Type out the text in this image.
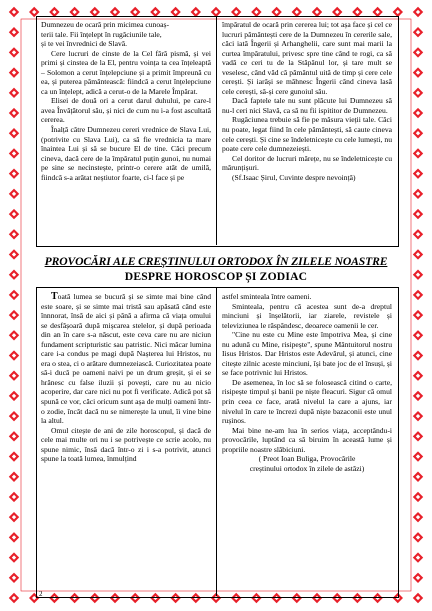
Dumnezeu de ocară prin micimea cunoaș-

terii tale. Fii înțelept în rugăciunile tale,

și te vei învrednici de Slavă.

Cere lucruri de cinste de la Cel fără pismă, și vei primi și cinstea de la El, pentru voința ta cea înțeleaptă – Solomon a cerut înțelepciune și a primit împreună cu ea, și puterea pământească: fiindcă a cerut înțelepciune ca un înțelept, adică a cerut-o de la Marele Împărat.

Elisei de două ori a cerut darul duhului, pe care-l avea Învățătorul său, și nici de cum nu i-a fost ascultată cererea.

Înalță către Dumnezeu cereri vrednice de Slava Lui, (potrivite cu Slava Lui), ca să fie vrednicia ta mare înaintea Lui și să se bucure El de tine. Căci precum cineva, dacă cere de la împăratul puțin gunoi, nu numai pe sine se necinstește, printr-o cerere atât de umilă, fiindcă s-a arătat neștiutor foarte, ci-l face și pe

împăratul de ocară prin cererea lui; tot așa face și cel ce lucruri pământești cere de la Dumnezeu în cererile sale, căci iată Îngerii și Arhanghelii, care sunt mai marii la curtea împăratului, privesc spre tine când te rogi, ca să vadă ce ceri tu de la Stăpânul lor, și tare mult se veselesc, când văd că pământul uită de timp și cere cele cerești. Și iarăși se mâhnesc Îngerii când cineva lasă cele cerești, să-și cere gunoiul său.

Dacă faptele tale nu sunt plăcute lui Dumnezeu să nu-l ceri nici Slavă, ca să nu fii ispititor de Dumnezeu.

Rugăciunea trebuie să fie pe măsura vieții tale. Căci nu poate, legat fiind în cele pământești, să caute cineva cele cerești. Și cine se îndeletnicește cu cele lumești, nu poate cere cele dumnezeiești.

Cel doritor de lucruri mărețe, nu se îndeletnicește cu mărunțișuri.

(Sf.Isaac Șirul, Cuvinte despre nevoință)

PROVOCĂRI ALE CREȘTINULUI ORTODOX ÎN ZILELE NOASTRE
DESPRE HOROSCOP ȘI ZODIAC

Toată lumea se bucură și se simte mai bine când este soare, și se simte mai tristă sau apăsată când este înnnorat, însă de aici și până a afirma că viața omului se desfășoară după mișcarea stelelor, și după perioada din an în care s-a născut, este ceva care nu are niciun fundament scripturistic sau patristic. Nici măcar lumina care i-a condus pe magi după Nașterea lui Hristos, nu era o stea, ci o arătare dumnezeiască. Curiozitatea poate să-i ducă pe oameni naivi pe un drum greșit, și ei se hrănesc cu false iluzii și povești, care nu au nicio acoperire, dar care nici nu pot fi verificate. Adică pot să spună ce vor, căci oricum sunt așa de mulți oameni într-o zodie, încât dacă nu se nimerește la unul, îi vine bine la altul.

Omul citește de ani de zile horoscopul, și dacă de cele mai multe ori nu i se potrivește ce scrie acolo, nu spune nimic, însă dacă într-o zi i s-a potrivit, atunci spune la toată lumea, înmulțind

astfel sminteala între oameni.

Sminteala, pentru că acestea sunt de-a dreptul minciuni și înșelătorii, iar ziarele, revistele și televiziunea le răspândesc, deoarece oamenii le cer.

"Cine nu este cu Mine este împotriva Mea, și cine nu adună cu Mine, risipește", spune Mântuitorul nostru Iisus Hristos. Dar Hristos este Adevărul, și atunci, cine citește zilnic aceste minciuni, își bate joc de el însuși, și se face potrivnic lui Hristos.

De asemenea, în loc să se folosească citind o carte, risipește timpul și banii pe niște fleacuri. Sigur că omul prin ceea ce face, arată nivelul la care a ajuns, iar nivelul în care te încrezi după niște bazaconii este unul rușinos.

Mai bine ne-am lua în serios viața, acceptându-i provocările, luptând ca să biruim în această lume și propriile noastre slăbiciuni.

( Preot Ioan Buliga, Provocările

creștinului ortodox în zilele de astăzi)

2
